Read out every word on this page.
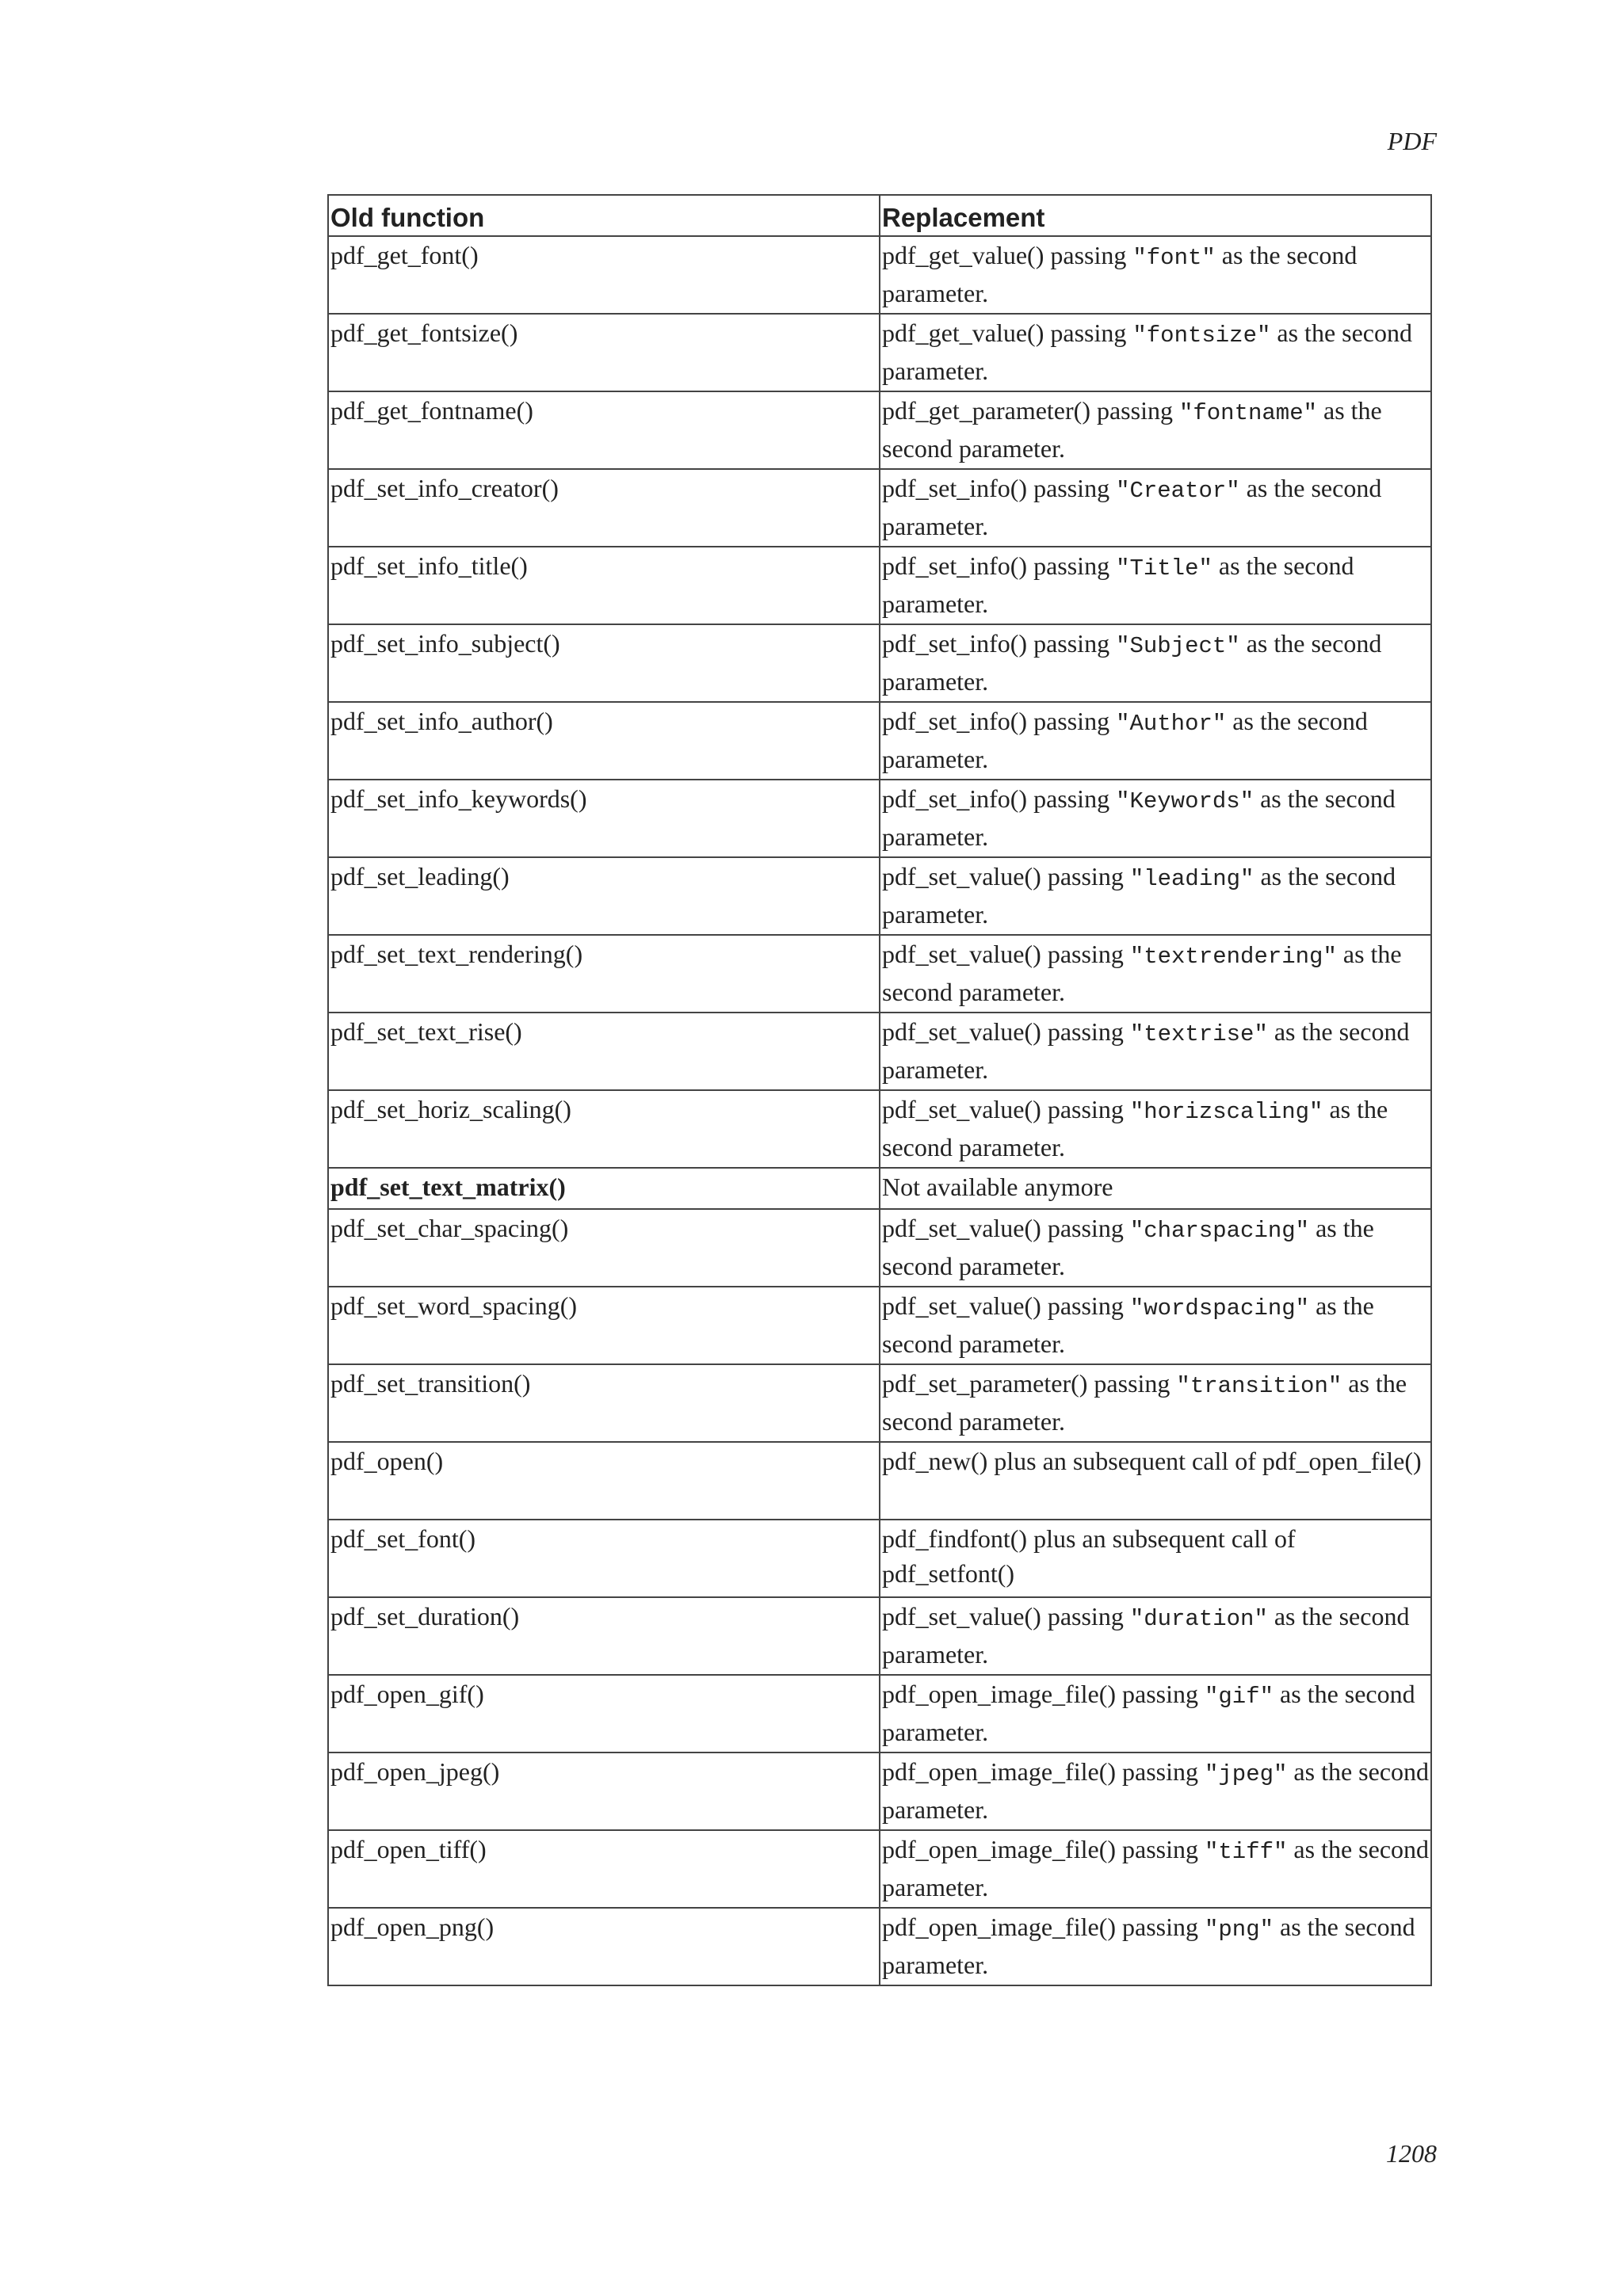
PDF
Old function	Replacement
pdf_get_font()	pdf_get_value() passing "font" as the second parameter.
pdf_get_fontsize()	pdf_get_value() passing "fontsize" as the second parameter.
pdf_get_fontname()	pdf_get_parameter() passing "fontname" as the second parameter.
pdf_set_info_creator()	pdf_set_info() passing "Creator" as the second parameter.
pdf_set_info_title()	pdf_set_info() passing "Title" as the second parameter.
pdf_set_info_subject()	pdf_set_info() passing "Subject" as the second parameter.
pdf_set_info_author()	pdf_set_info() passing "Author" as the second parameter.
pdf_set_info_keywords()	pdf_set_info() passing "Keywords" as the second parameter.
pdf_set_leading()	pdf_set_value() passing "leading" as the second parameter.
pdf_set_text_rendering()	pdf_set_value() passing "textrendering" as the second parameter.
pdf_set_text_rise()	pdf_set_value() passing "textrise" as the second parameter.
pdf_set_horiz_scaling()	pdf_set_value() passing "horizscaling" as the second parameter.
pdf_set_text_matrix()	Not available anymore
pdf_set_char_spacing()	pdf_set_value() passing "charspacing" as the second parameter.
pdf_set_word_spacing()	pdf_set_value() passing "wordspacing" as the second parameter.
pdf_set_transition()	pdf_set_parameter() passing "transition" as the second parameter.
pdf_open()	pdf_new() plus an subsequent call of pdf_open_file()
pdf_set_font()	pdf_findfont() plus an subsequent call of pdf_setfont()
pdf_set_duration()	pdf_set_value() passing "duration" as the second parameter.
pdf_open_gif()	pdf_open_image_file() passing "gif" as the second parameter.
pdf_open_jpeg()	pdf_open_image_file() passing "jpeg" as the second parameter.
pdf_open_tiff()	pdf_open_image_file() passing "tiff" as the second parameter.
pdf_open_png()	pdf_open_image_file() passing "png" as the second parameter.
1208
